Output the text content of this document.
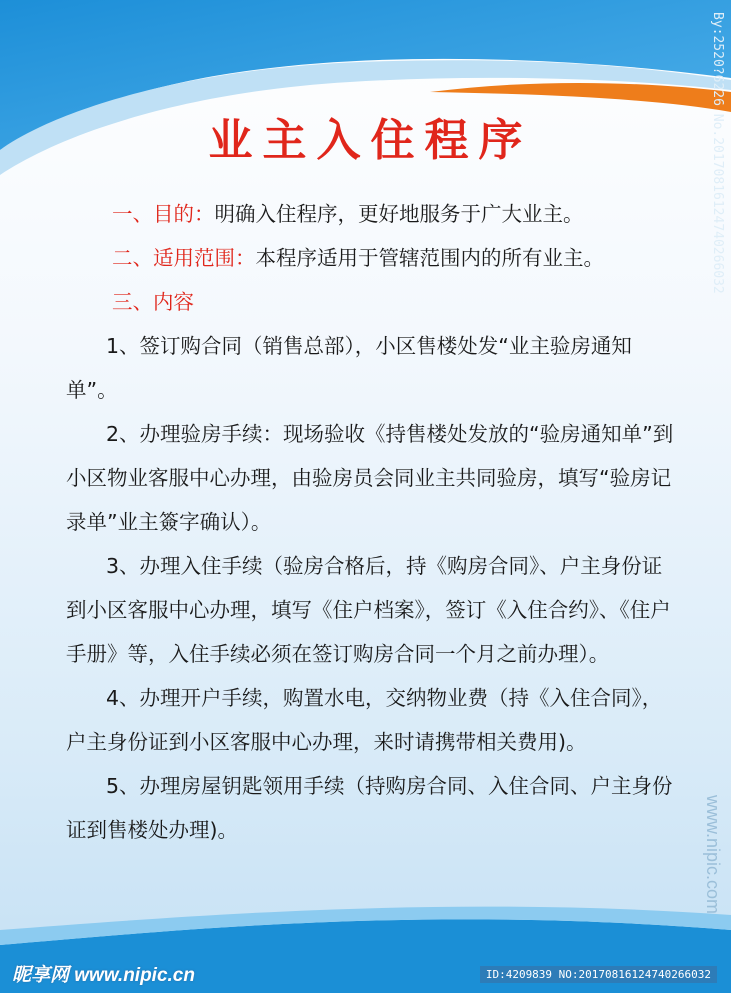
By:2520?6226 No.20170816124740266032
业主入住程序
一、目的：明确入住程序，更好地服务于广大业主。
二、适用范围：本程序适用于管辖范围内的所有业主。
三、内容

1、签订购合同（销售总部），小区售楼处发“业主验房通知单”。

2、办理验房手续：现场验收《持售楼处发放的“验房通知单”到小区物业客服中心办理，由验房员会同业主共同验房，填写“验房记录单”业主簽字确认）。

3、办理入住手续（验房合格后，持《购房合同》、户主身份证到小区客服中心办理，填写《住户档案》，签订《入住合约》、《住户手册》等，入住手续必须在签订购房合同一个月之前办理）。

4、办理开户手续，购置水电，交纳物业费（持《入住合同》，户主身份证到小区客服中心办理，来时请携带相关费用)。

5、办理房屋钥匙领用手续（持购房合同、入住合同、户主身份证到售楼处办理)。	www.nipic.com
昵享网 www.nipic.cn	ID:4209839 NO:20170816124740266032
